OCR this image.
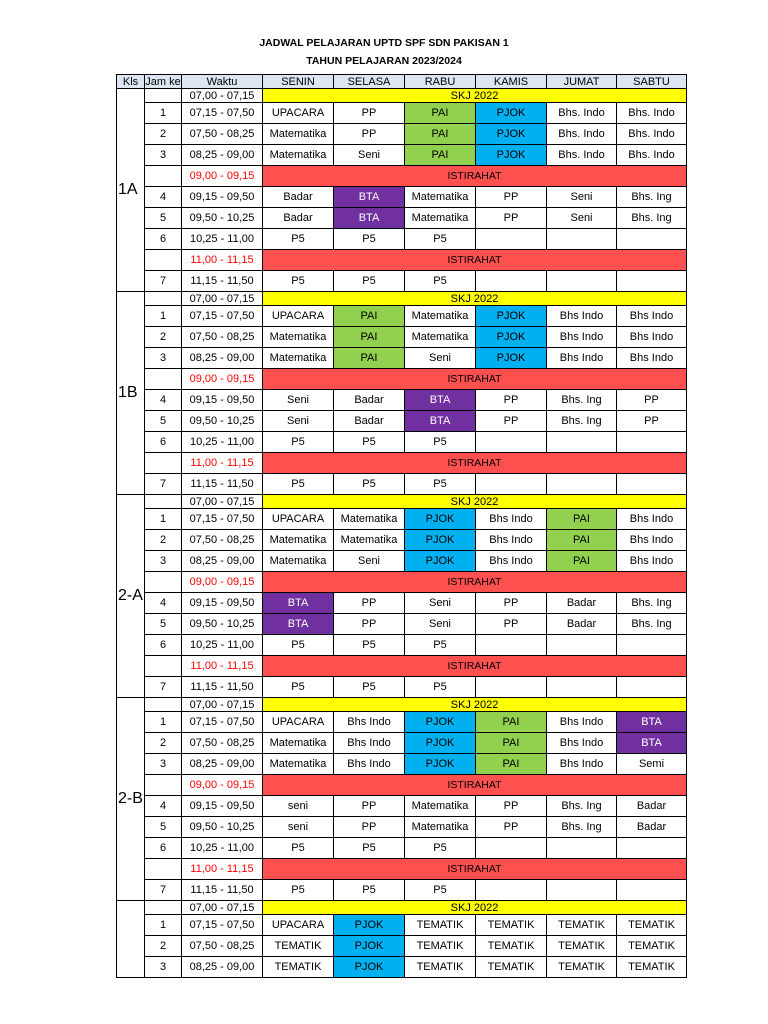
JADWAL PELAJARAN UPTD SPF SDN PAKISAN 1
TAHUN PELAJARAN 2023/2024
Kls	Jam ke	Waktu	SENIN	SELASA	RABU	KAMIS	JUMAT	SABTU
1A		07,00 - 07,15	SKJ 2022					
	1	07,15 - 07,50	UPACARA	PP	PAI	PJOK	Bhs. Indo	Bhs. Indo
	2	07,50 - 08,25	Matematika	PP	PAI	PJOK	Bhs. Indo	Bhs. Indo
	3	08,25 - 09,00	Matematika	Seni	PAI	PJOK	Bhs. Indo	Bhs. Indo
		09,00 - 09,15	ISTIRAHAT					
	4	09,15 - 09,50	Badar	BTA	Matematika	PP	Seni	Bhs. Ing
	5	09,50 - 10,25	Badar	BTA	Matematika	PP	Seni	Bhs. Ing
	6	10,25 - 11,00	P5	P5	P5			
		11,00 - 11,15	ISTIRAHAT					
	7	11,15 - 11,50	P5	P5	P5			
1B		07,00 - 07,15	SKJ 2022					
	1	07,15 - 07,50	UPACARA	PAI	Matematika	PJOK	Bhs Indo	Bhs Indo
	2	07,50 - 08,25	Matematika	PAI	Matematika	PJOK	Bhs Indo	Bhs Indo
	3	08,25 - 09,00	Matematika	PAI	Seni	PJOK	Bhs Indo	Bhs Indo
		09,00 - 09,15	ISTIRAHAT					
	4	09,15 - 09,50	Seni	Badar	BTA	PP	Bhs. Ing	PP
	5	09,50 - 10,25	Seni	Badar	BTA	PP	Bhs. Ing	PP
	6	10,25 - 11,00	P5	P5	P5			
		11,00 - 11,15	ISTIRAHAT					
	7	11,15 - 11,50	P5	P5	P5			
2-A		07,00 - 07,15	SKJ 2022					
	1	07,15 - 07,50	UPACARA	Matematika	PJOK	Bhs Indo	PAI	Bhs Indo
	2	07,50 - 08,25	Matematika	Matematika	PJOK	Bhs Indo	PAI	Bhs Indo
	3	08,25 - 09,00	Matematika	Seni	PJOK	Bhs Indo	PAI	Bhs Indo
		09,00 - 09,15	ISTIRAHAT					
	4	09,15 - 09,50	BTA	PP	Seni	PP	Badar	Bhs. Ing
	5	09,50 - 10,25	BTA	PP	Seni	PP	Badar	Bhs. Ing
	6	10,25 - 11,00	P5	P5	P5			
		11,00 - 11,15	ISTIRAHAT					
	7	11,15 - 11,50	P5	P5	P5			
2-B		07,00 - 07,15	SKJ 2022					
	1	07,15 - 07,50	UPACARA	Bhs Indo	PJOK	PAI	Bhs Indo	BTA
	2	07,50 - 08,25	Matematika	Bhs Indo	PJOK	PAI	Bhs Indo	BTA
	3	08,25 - 09,00	Matematika	Bhs Indo	PJOK	PAI	Bhs Indo	Semi
		09,00 - 09,15	ISTIRAHAT					
	4	09,15 - 09,50	seni	PP	Matematika	PP	Bhs. Ing	Badar
	5	09,50 - 10,25	seni	PP	Matematika	PP	Bhs. Ing	Badar
	6	10,25 - 11,00	P5	P5	P5			
		11,00 - 11,15	ISTIRAHAT					
	7	11,15 - 11,50	P5	P5	P5			
		07,00 - 07,15	SKJ 2022					
	1	07,15 - 07,50	UPACARA	PJOK	TEMATIK	TEMATIK	TEMATIK	TEMATIK
	2	07,50 - 08,25	TEMATIK	PJOK	TEMATIK	TEMATIK	TEMATIK	TEMATIK
	3	08,25 - 09,00	TEMATIK	PJOK	TEMATIK	TEMATIK	TEMATIK	TEMATIK
